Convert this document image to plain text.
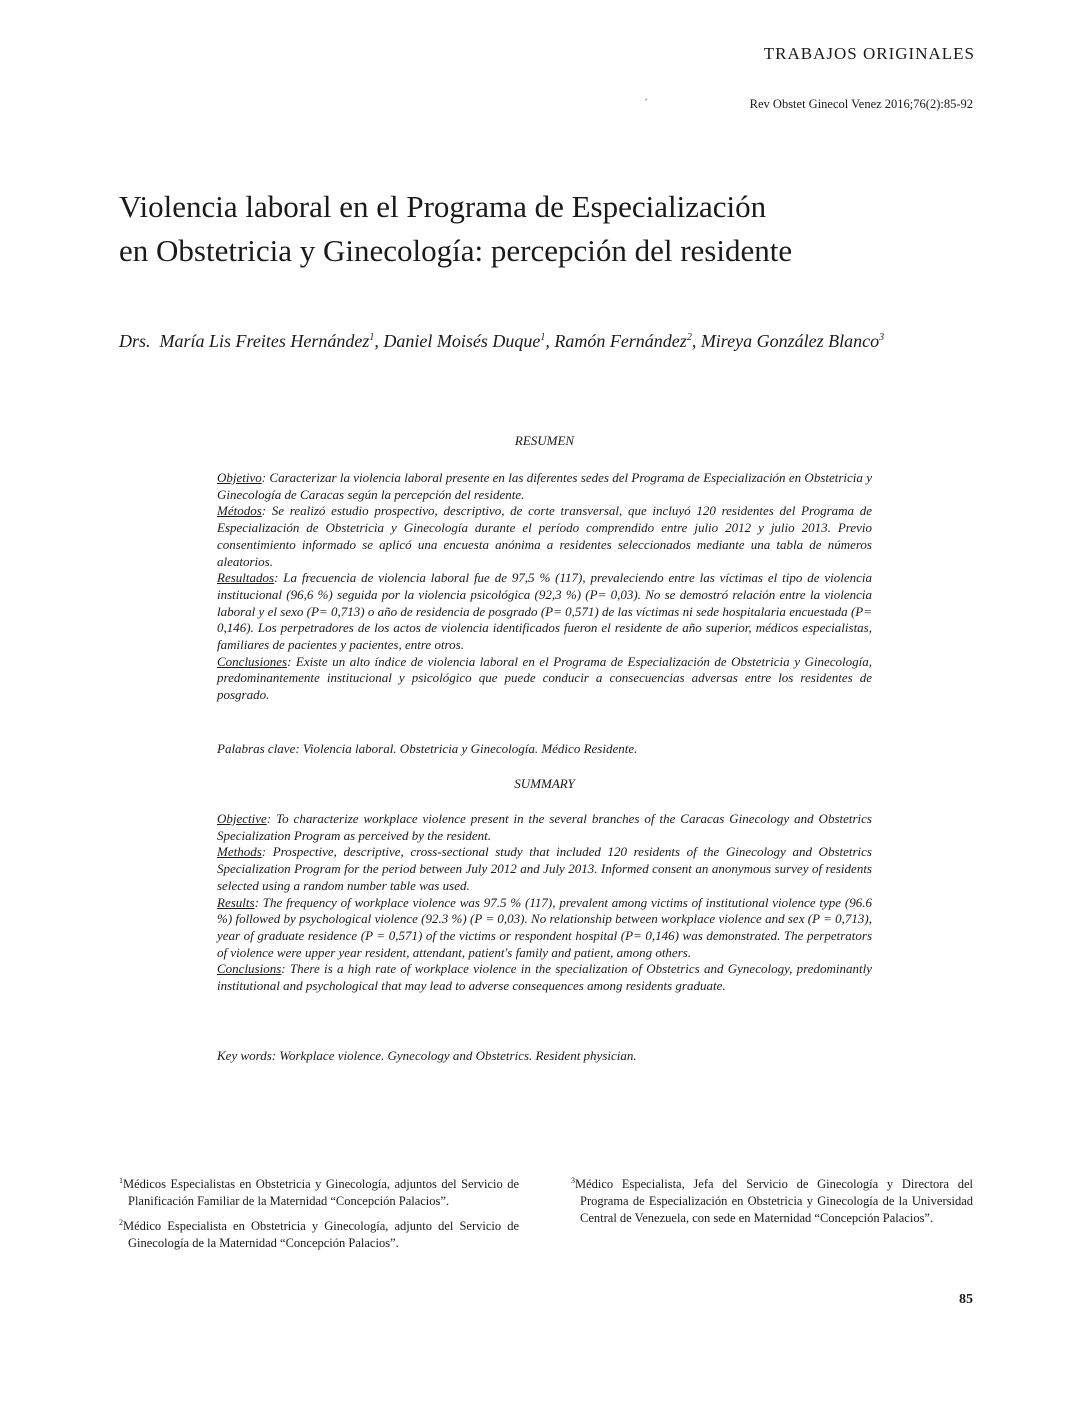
TRABAJOS ORIGINALES
ˊ	Rev Obstet Ginecol Venez 2016;76(2):85-92
Violencia laboral en el Programa de Especialización
en Obstetricia y Ginecología: percepción del residente
Drs. María Lis Freites Hernández$^1$, Daniel Moisés Duque$^1$, Ramón Fernández$^2$, Mireya González Blanco$^3$
RESUMEN

Objetivo: Caracterizar la violencia laboral presente en las diferentes sedes del Programa de Especialización en Obstetricia y Ginecología de Caracas según la percepción del residente.

Métodos: Se realizó estudio prospectivo, descriptivo, de corte transversal, que incluyó 120 residentes del Programa de Especialización de Obstetricia y Ginecología durante el período comprendido entre julio 2012 y julio 2013. Previo consentimiento informado se aplicó una encuesta anónima a residentes seleccionados mediante una tabla de números aleatorios.

Resultados: La frecuencia de violencia laboral fue de 97,5 % (117), prevaleciendo entre las víctimas el tipo de violencia institucional (96,6 %) seguida por la violencia psicológica (92,3 %) (P= 0,03). No se demostró relación entre la violencia laboral y el sexo (P= 0,713) o año de residencia de posgrado (P= 0,571) de las víctimas ni sede hospitalaria encuestada (P= 0,146). Los perpetradores de los actos de violencia identificados fueron el residente de año superior, médicos especialistas, familiares de pacientes y pacientes, entre otros.

Conclusiones: Existe un alto índice de violencia laboral en el Programa de Especialización de Obstetricia y Ginecología, predominantemente institucional y psicológico que puede conducir a consecuencias adversas entre los residentes de posgrado.

Palabras clave: Violencia laboral. Obstetricia y Ginecología. Médico Residente.
SUMMARY

Objective: To characterize workplace violence present in the several branches of the Caracas Ginecology and Obstetrics Specialization Program as perceived by the resident.

Methods: Prospective, descriptive, cross-sectional study that included 120 residents of the Ginecology and Obstetrics Specialization Program for the period between July 2012 and July 2013. Informed consent an anonymous survey of residents selected using a random number table was used.

Results: The frequency of workplace violence was 97.5 % (117), prevalent among victims of institutional violence type (96.6 %) followed by psychological violence (92.3 %) (P = 0,03). No relationship between workplace violence and sex (P = 0,713), year of graduate residence (P = 0,571) of the victims or respondent hospital (P= 0,146) was demonstrated. The perpetrators of violence were upper year resident, attendant, patient's family and patient, among others.

Conclusions: There is a high rate of workplace violence in the specialization of Obstetrics and Gynecology, predominantly institutional and psychological that may lead to adverse consequences among residents graduate.

Key words: Workplace violence. Gynecology and Obstetrics. Resident physician.

$^1$Médicos Especialistas en Obstetricia y Ginecología, adjuntos del Servicio de Planificación Familiar de la Maternidad “Concepción Palacios”.

$^2$Médico Especialista en Obstetricia y Ginecología, adjunto del Servicio de Ginecología de la Maternidad “Concepción Palacios”.

$^3$Médico Especialista, Jefa del Servicio de Ginecología y Directora del Programa de Especialización en Obstetricia y Ginecología de la Universidad Central de Venezuela, con sede en Maternidad “Concepción Palacios”.

85
